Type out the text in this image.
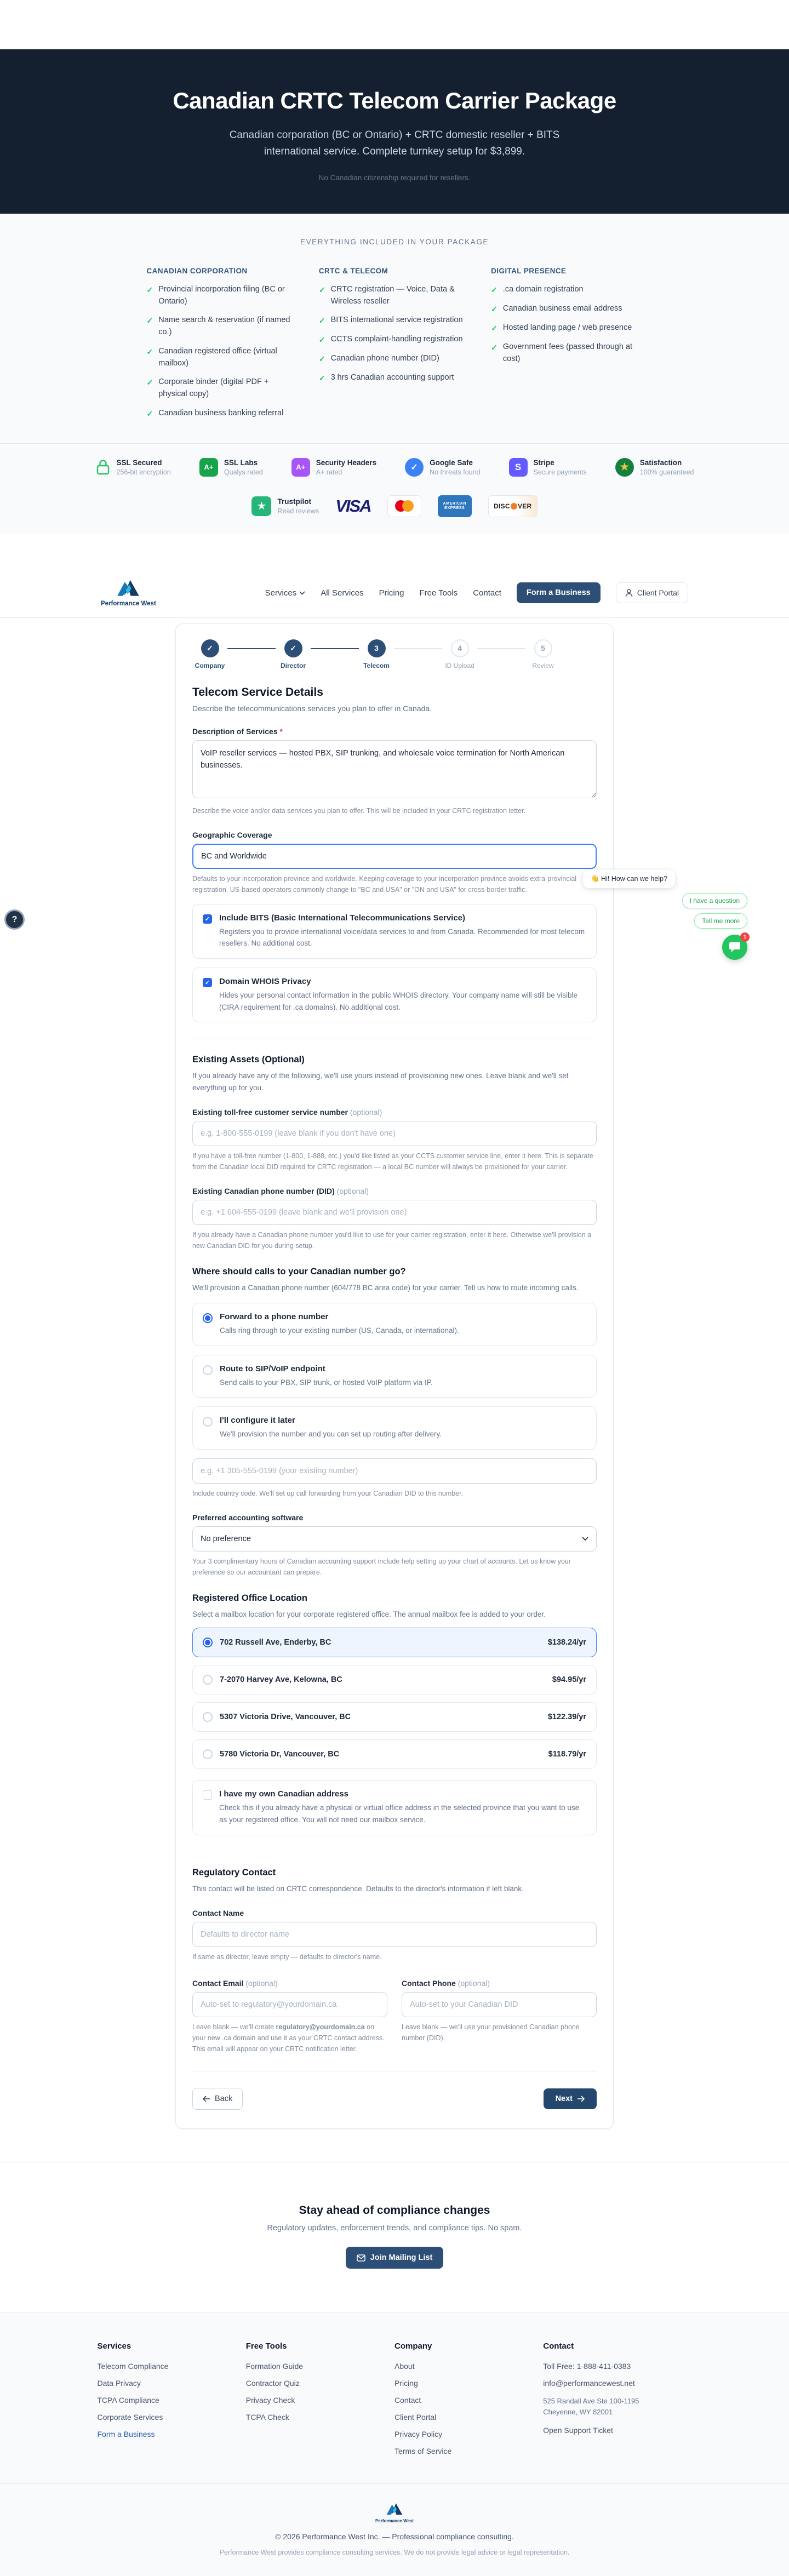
Canadian CRTC Telecom Carrier Package

Canadian corporation (BC or Ontario) + CRTC domestic reseller + BITS international service. Complete turnkey setup for $3,899.

No Canadian citizenship required for resellers.

EVERYTHING INCLUDED IN YOUR PACKAGE
CANADIAN CORPORATION
✓ Provincial incorporation filing (BC or Ontario)
✓ Name search & reservation (if named co.)
✓ Canadian registered office (virtual mailbox)
✓ Corporate binder (digital PDF + physical copy)
✓ Canadian business banking referral
CRTC & TELECOM
✓ CRTC registration — Voice, Data & Wireless reseller
✓ BITS international service registration
✓ CCTS complaint-handling registration
✓ Canadian phone number (DID)
✓ 3 hrs Canadian accounting support
DIGITAL PRESENCE
✓ .ca domain registration
✓ Canadian business email address
✓ Hosted landing page / web presence
✓ Government fees (passed through at cost)
SSL Secured
256-bit encryption
A+
SSL Labs
Qualys rated
A+
Security Headers
A+ rated	✓
Google Safe
No threats found	S	Stripe
Secure payments	★ Satisfaction
100% guaranteed
★	Trustpilot
Read reviews VISA	AMERICAN
EXPRESS	DISC VER
Performance West
Services	All Services Pricing Free Tools Contact	Form a Business	Client Portal
✓
Company
✓
Director
3
Telecom
4
ID Upload
5
Review
Telecom Service Details

Describe the telecommunications services you plan to offer in Canada.

Description of Services *
VoIP reseller services — hosted PBX, SIP trunking, and wholesale voice termination for North American businesses.

Describe the voice and/or data services you plan to offer. This will be included in your CRTC registration letter.

Geographic Coverage
BC and Worldwide

Defaults to your incorporation province and worldwide. Keeping coverage to your incorporation province avoids extra-provincial registration. US-based operators commonly change to "BC and USA" or "ON and USA" for cross-border traffic.

✓ Include BITS (Basic International Telecommunications Service)
Registers you to provide international voice/data services to and from Canada. Recommended for most telecom resellers. No additional cost.
✓ Domain WHOIS Privacy
Hides your personal contact information in the public WHOIS directory. Your company name will still be visible (CIRA requirement for .ca domains). No additional cost.
Existing Assets (Optional)

If you already have any of the following, we'll use yours instead of provisioning new ones. Leave blank and we'll set everything up for you.

Existing toll-free customer service number (optional)
e.g. 1-800-555-0199 (leave blank if you don't have one)

If you have a toll-free number (1-800, 1-888, etc.) you'd like listed as your CCTS customer service line, enter it here. This is separate from the Canadian local DID required for CRTC registration — a local BC number will always be provisioned for your carrier.

Existing Canadian phone number (DID) (optional)
e.g. +1 604-555-0199 (leave blank and we'll provision one)

If you already have a Canadian phone number you'd like to use for your carrier registration, enter it here. Otherwise we'll provision a new Canadian DID for you during setup.

Where should calls to your Canadian number go?

We'll provision a Canadian phone number (604/778 BC area code) for your carrier. Tell us how to route incoming calls.

Forward to a phone number
Calls ring through to your existing number (US, Canada, or international).
Route to SIP/VoIP endpoint
Send calls to your PBX, SIP trunk, or hosted VoIP platform via IP.
I'll configure it later
We'll provision the number and you can set up routing after delivery.
e.g. +1 305-555-0199 (your existing number)

Include country code. We'll set up call forwarding from your Canadian DID to this number.

Preferred accounting software
No preference

Your 3 complimentary hours of Canadian accounting support include help setting up your chart of accounts. Let us know your preference so our accountant can prepare.

Registered Office Location

Select a mailbox location for your corporate registered office. The annual mailbox fee is added to your order.

702 Russell Ave, Enderby, BC	$138.24/yr
7-2070 Harvey Ave, Kelowna, BC	$94.95/yr
5307 Victoria Drive, Vancouver, BC	$122.39/yr
5780 Victoria Dr, Vancouver, BC	$118.79/yr
I have my own Canadian address
Check this if you already have a physical or virtual office address in the selected province that you want to use as your registered office. You will not need our mailbox service.
Regulatory Contact

This contact will be listed on CRTC correspondence. Defaults to the director's information if left blank.

Contact Name
Defaults to director name

If same as director, leave empty — defaults to director's name.

Contact Email (optional)
Auto-set to regulatory@yourdomain.ca

Leave blank — we'll create regulatory@yourdomain.ca on your new .ca domain and use it as your CRTC contact address. This email will appear on your CRTC notification letter.

Contact Phone (optional)
Auto-set to your Canadian DID

Leave blank — we'll use your provisioned Canadian phone number (DID).

Back	Next
Stay ahead of compliance changes

Regulatory updates, enforcement trends, and compliance tips. No spam.

Join Mailing List
Services
Telecom Compliance
Data Privacy
TCPA Compliance
Corporate Services
Form a Business
Free Tools
Formation Guide
Contractor Quiz
Privacy Check
TCPA Check
Company
About
Pricing
Contact
Client Portal
Privacy Policy
Terms of Service
Contact
Toll Free: 1-888-411-0383
info@performancewest.net
525 Randall Ave Ste 100-1195
Cheyenne, WY 82001
Open Support Ticket
Performance West
© 2026 Performance West Inc. — Professional compliance consulting.
Performance West provides compliance consulting services. We do not provide legal advice or legal representation.
👋 Hi! How can we help?
I have a question
Tell me more
1
?
